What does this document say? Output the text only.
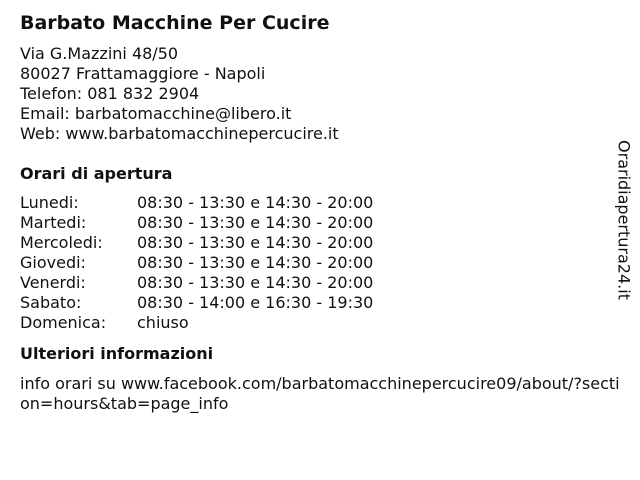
Barbato Macchine Per Cucire
Via G.Mazzini 48/50
80027 Frattamaggiore - Napoli
Telefon: 081 832 2904
Email: barbatomacchine@libero.it
Web: www.barbatomacchinepercucire.it
Orari di apertura
Lunedi:	08:30 - 13:30 e 14:30 - 20:00
Martedi:	08:30 - 13:30 e 14:30 - 20:00
Mercoledi:	08:30 - 13:30 e 14:30 - 20:00
Giovedi:	08:30 - 13:30 e 14:30 - 20:00
Venerdi:	08:30 - 13:30 e 14:30 - 20:00
Sabato:	08:30 - 14:00 e 16:30 - 19:30
Domenica:	chiuso
Ulteriori informazioni
info orari su www.facebook.com/barbatomacchinepercucire09/about/?section=hours&tab=page_info
Oraridiapertura24.it
